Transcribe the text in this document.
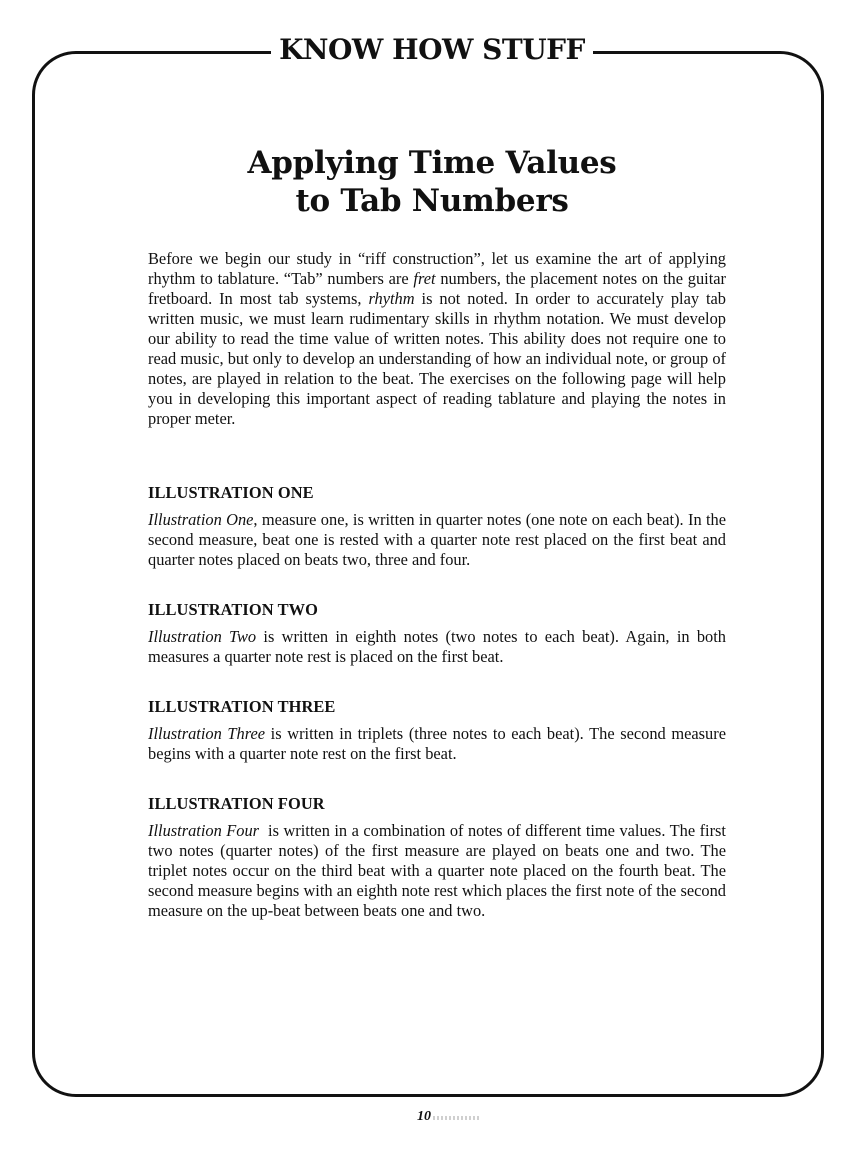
KNOW HOW STUFF
Applying Time Values
to Tab Numbers

Before we begin our study in “riff construction”, let us examine the art of applying rhythm to tablature. “Tab” numbers are fret numbers, the placement notes on the guitar fretboard. In most tab systems, rhythm is not noted. In order to accurately play tab written music, we must learn rudimentary skills in rhythm notation. We must develop our ability to read the time value of written notes. This ability does not require one to read music, but only to develop an understanding of how an individual note, or group of notes, are played in relation to the beat. The exercises on the following page will help you in developing this important aspect of reading tablature and playing the notes in proper meter.

ILLUSTRATION ONE

Illustration One, measure one, is written in quarter notes (one note on each beat). In the second measure, beat one is rested with a quarter note rest placed on the first beat and quarter notes placed on beats two, three and four.

ILLUSTRATION TWO

Illustration Two is written in eighth notes (two notes to each beat). Again, in both measures a quarter note rest is placed on the first beat.

ILLUSTRATION THREE

Illustration Three is written in triplets (three notes to each beat). The second measure begins with a quarter note rest on the first beat.

ILLUSTRATION FOUR

Illustration Four  is written in a combination of notes of different time values. The first two notes (quarter notes) of the first measure are played on beats one and two. The triplet notes occur on the third beat with a quarter note placed on the fourth beat. The second measure begins with an eighth note rest which places the first note of the second measure on the up-beat between beats one and two.

10
